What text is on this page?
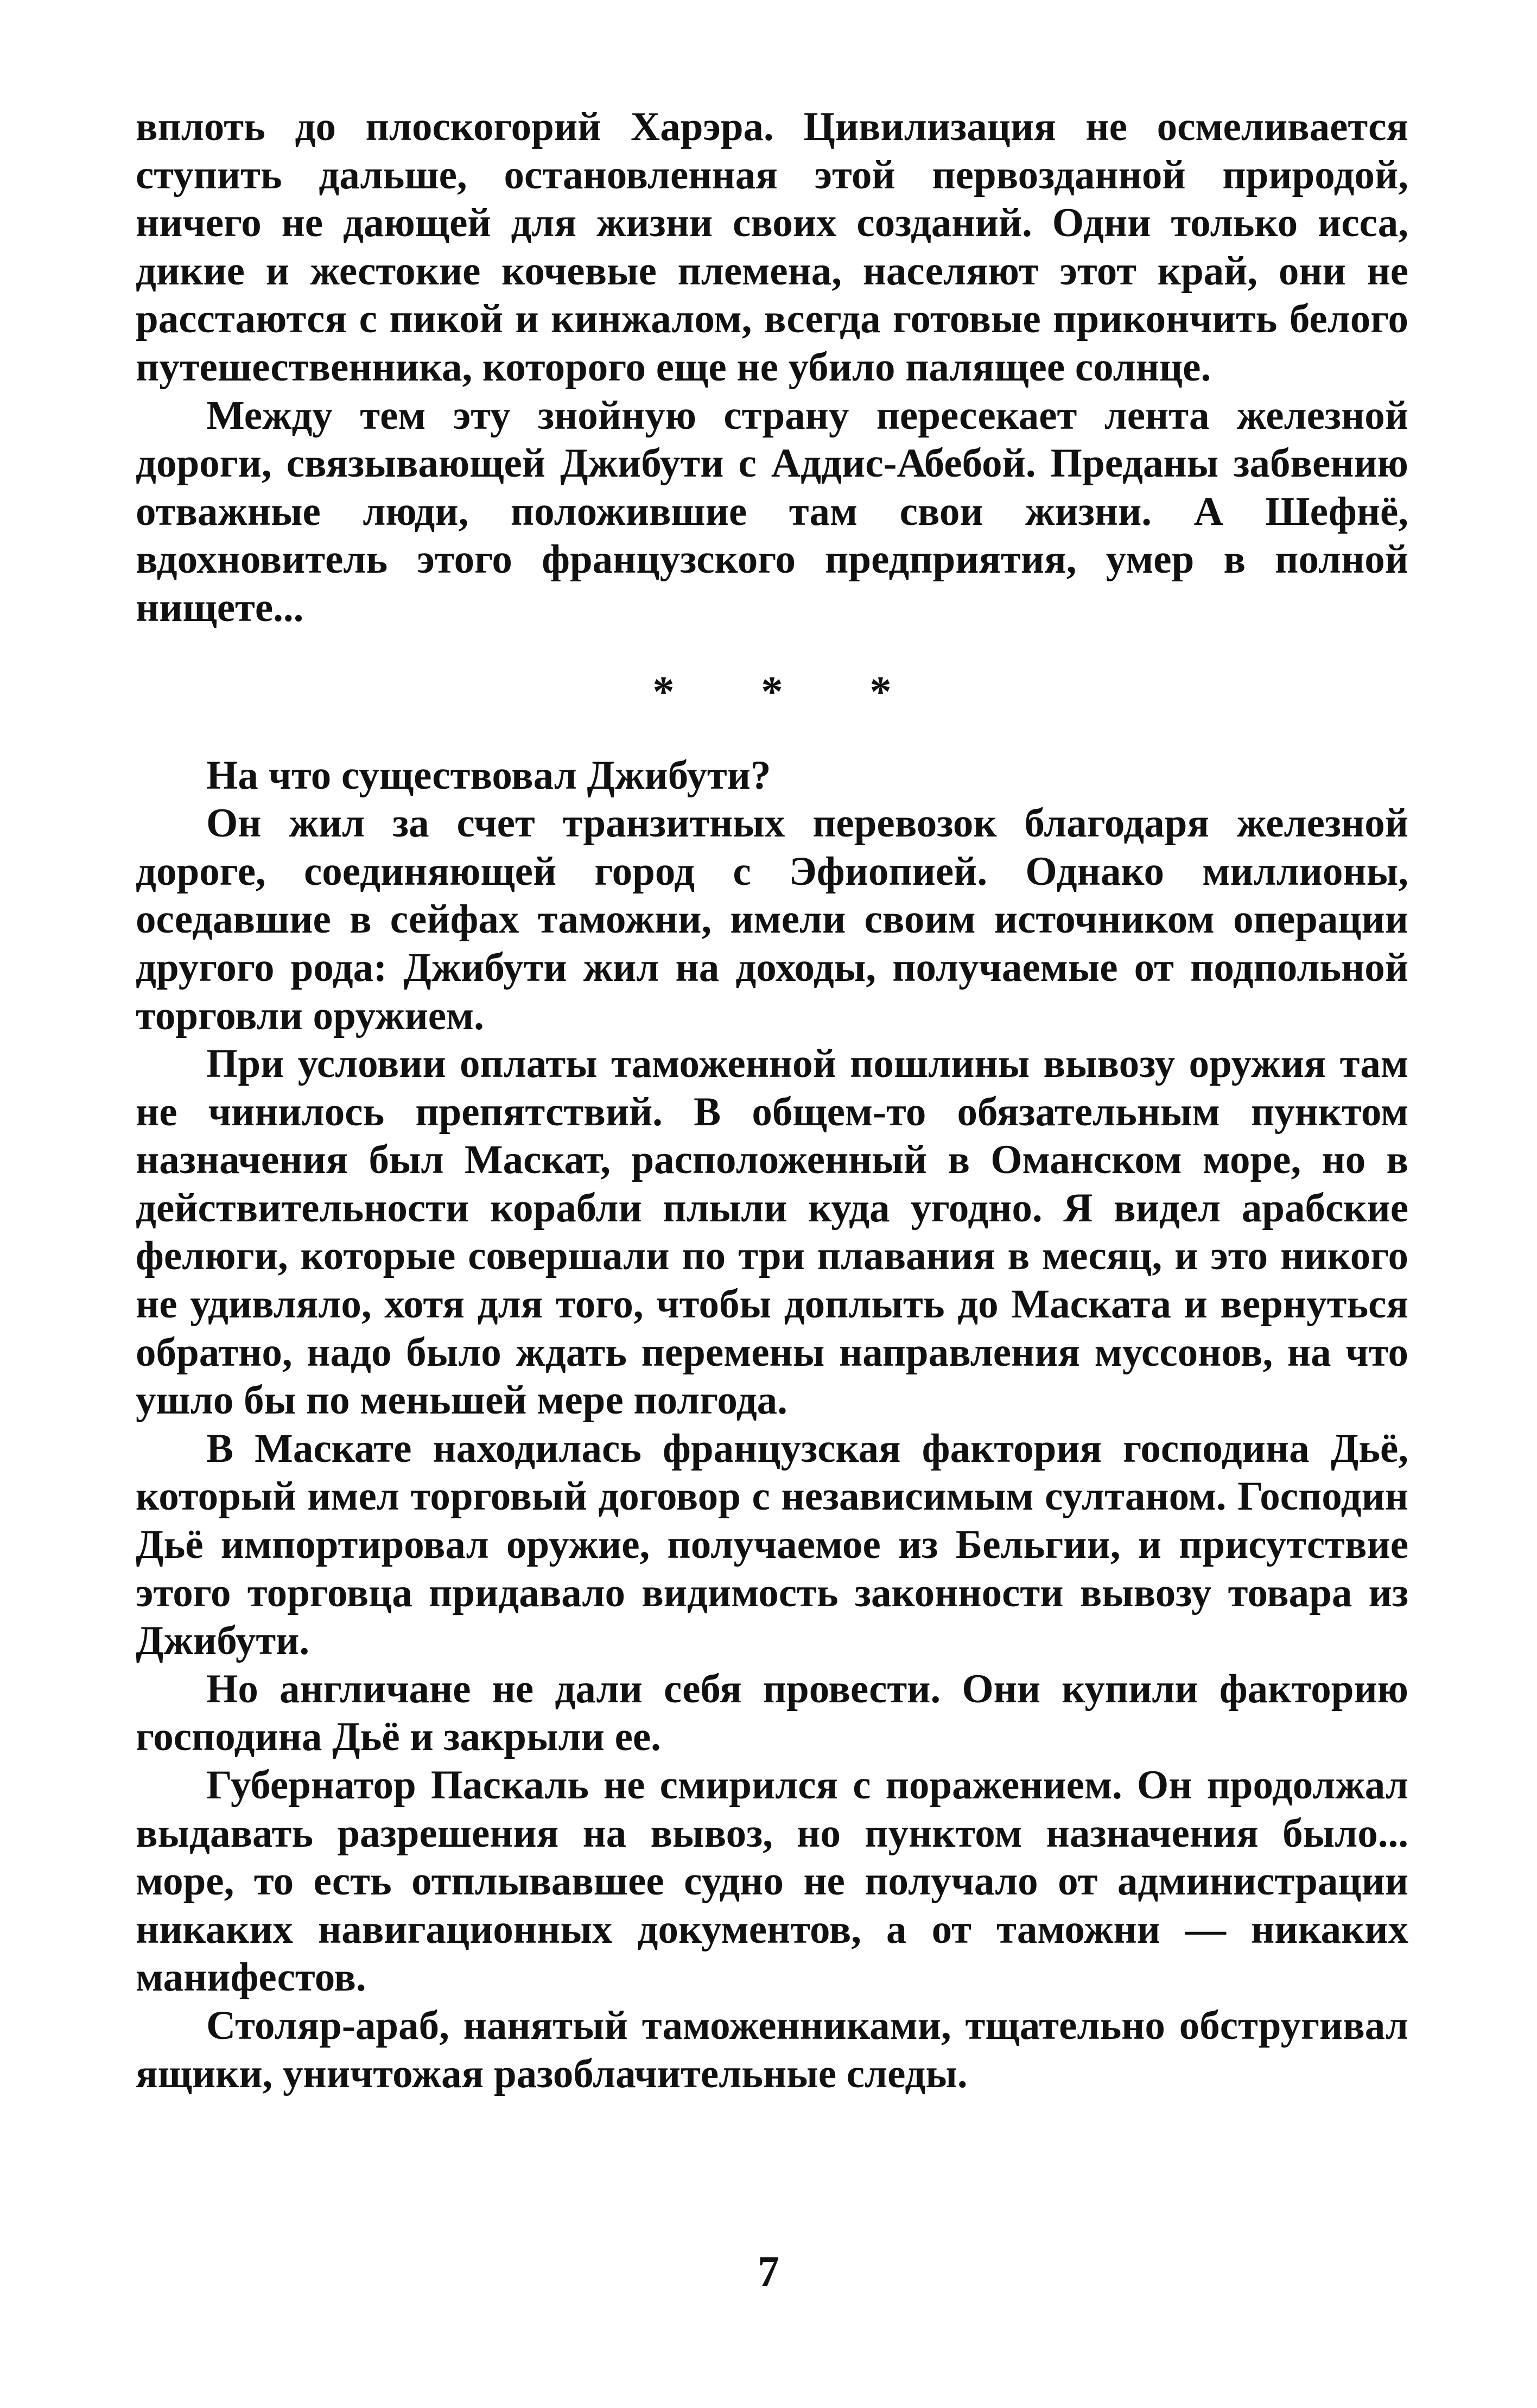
вплоть до плоскогорий Харэра. Цивилизация не осмеливается ступить дальше, остановленная этой первозданной природой, ничего не дающей для жизни своих созданий. Одни только исса, дикие и жестокие кочевые племена, населяют этот край, они не расстаются с пикой и кинжалом, всегда готовые прикончить белого путешественника, которого еще не убило палящее солнце.

Между тем эту знойную страну пересекает лента железной дороги, связывающей Джибути с Аддис-Абебой. Преданы забвению отважные люди, положившие там свои жизни. А Шефнё, вдохновитель этого французского предприятия, умер в полной нищете...

* * *

На что существовал Джибути?

Он жил за счет транзитных перевозок благодаря железной дороге, соединяющей город с Эфиопией. Однако миллионы, оседавшие в сейфах таможни, имели своим источником операции другого рода: Джибути жил на доходы, получаемые от подпольной торговли оружием.

При условии оплаты таможенной пошлины вывозу оружия там не чинилось препятствий. В общем-то обязательным пунктом назначения был Маскат, расположенный в Оманском море, но в действительности корабли плыли куда угодно. Я видел арабские фелюги, которые совершали по три плавания в месяц, и это никого не удивляло, хотя для того, чтобы доплыть до Маската и вернуться обратно, надо было ждать перемены направления муссонов, на что ушло бы по меньшей мере полгода.

В Маскате находилась французская фактория господина Дьё, который имел торговый договор с независимым султаном. Господин Дьё импортировал оружие, получаемое из Бельгии, и присутствие этого торговца придавало видимость законности вывозу товара из Джибути.

Но англичане не дали себя провести. Они купили факторию господина Дьё и закрыли ее.

Губернатор Паскаль не смирился с поражением. Он продолжал выдавать разрешения на вывоз, но пунктом назначения было... море, то есть отплывавшее судно не получало от администрации никаких навигационных документов, а от таможни — никаких манифестов.

Столяр-араб, нанятый таможенниками, тщательно обстругивал ящики, уничтожая разоблачительные следы.

7
